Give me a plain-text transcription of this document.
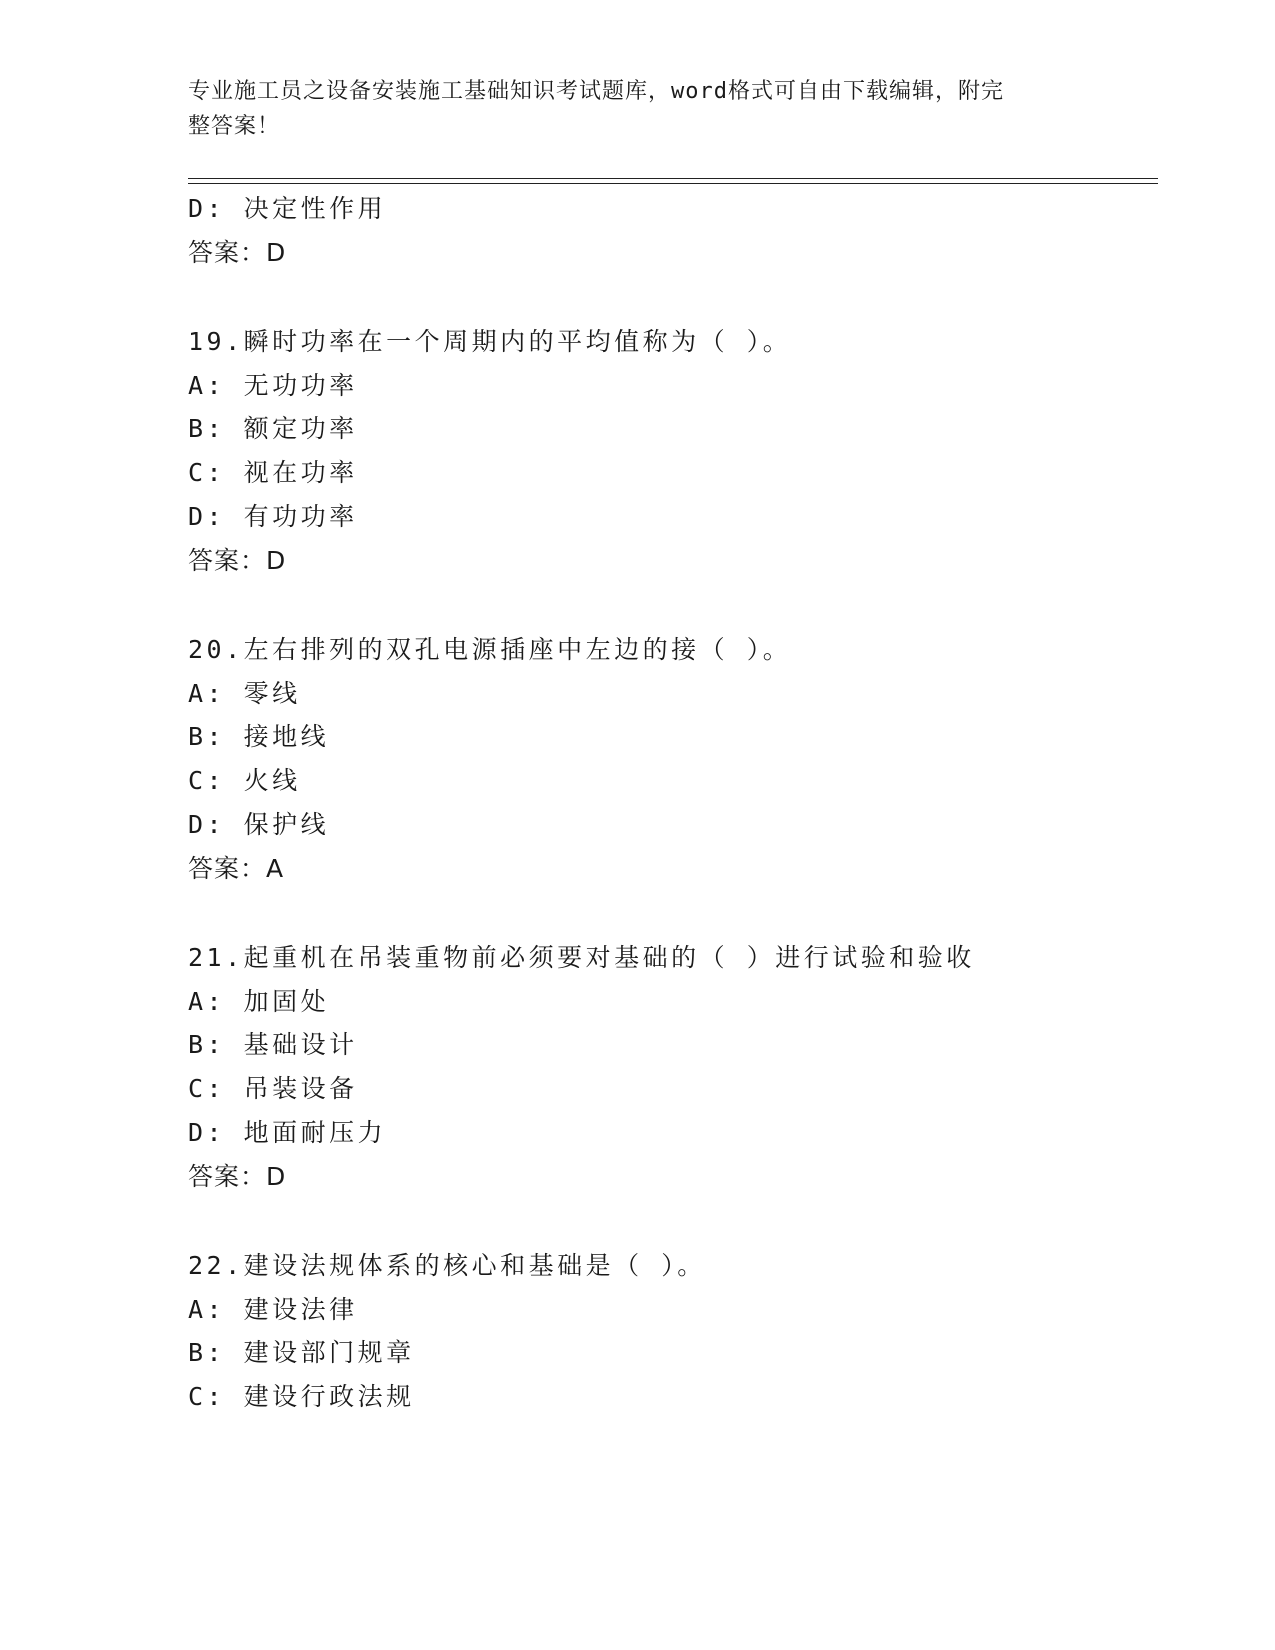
专业施工员之设备安装施工基础知识考试题库，word格式可自由下载编辑，附完
整答案！
D: 决定性作用
答案：D
19.瞬时功率在一个周期内的平均值称为（ ）。
A: 无功功率
B: 额定功率
C: 视在功率
D: 有功功率
答案：D
20.左右排列的双孔电源插座中左边的接（ ）。
A: 零线
B: 接地线
C: 火线
D: 保护线
答案：A
21.起重机在吊装重物前必须要对基础的（ ）进行试验和验收
A: 加固处
B: 基础设计
C: 吊装设备
D: 地面耐压力
答案：D
22.建设法规体系的核心和基础是（ ）。
A: 建设法律
B: 建设部门规章
C: 建设行政法规
